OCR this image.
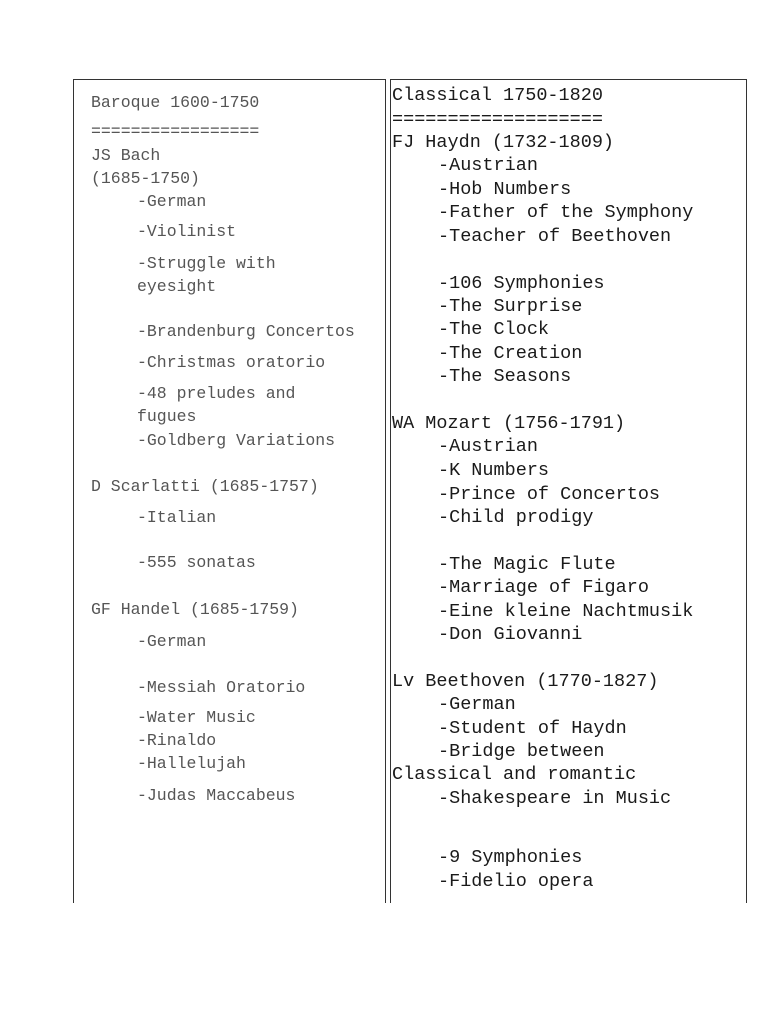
Baroque 1600-1750
=================
JS Bach
(1685-1750)
-German
-Violinist
-Struggle with
eyesight
-Brandenburg Concertos
-Christmas oratorio
-48 preludes and
fugues
-Goldberg Variations
D Scarlatti (1685-1757)
-Italian
-555 sonatas
GF Handel (1685-1759)
-German
-Messiah Oratorio
-Water Music
-Rinaldo
-Hallelujah
-Judas Maccabeus
Classical 1750-1820
===================
FJ Haydn (1732-1809)
-Austrian
-Hob Numbers
-Father of the Symphony
-Teacher of Beethoven
-106 Symphonies
-The Surprise
-The Clock
-The Creation
-The Seasons
WA Mozart (1756-1791)
-Austrian
-K Numbers
-Prince of Concertos
-Child prodigy
-The Magic Flute
-Marriage of Figaro
-Eine kleine Nachtmusik
-Don Giovanni
Lv Beethoven (1770-1827)
-German
-Student of Haydn
-Bridge between
Classical and romantic
-Shakespeare in Music
-9 Symphonies
-Fidelio opera
